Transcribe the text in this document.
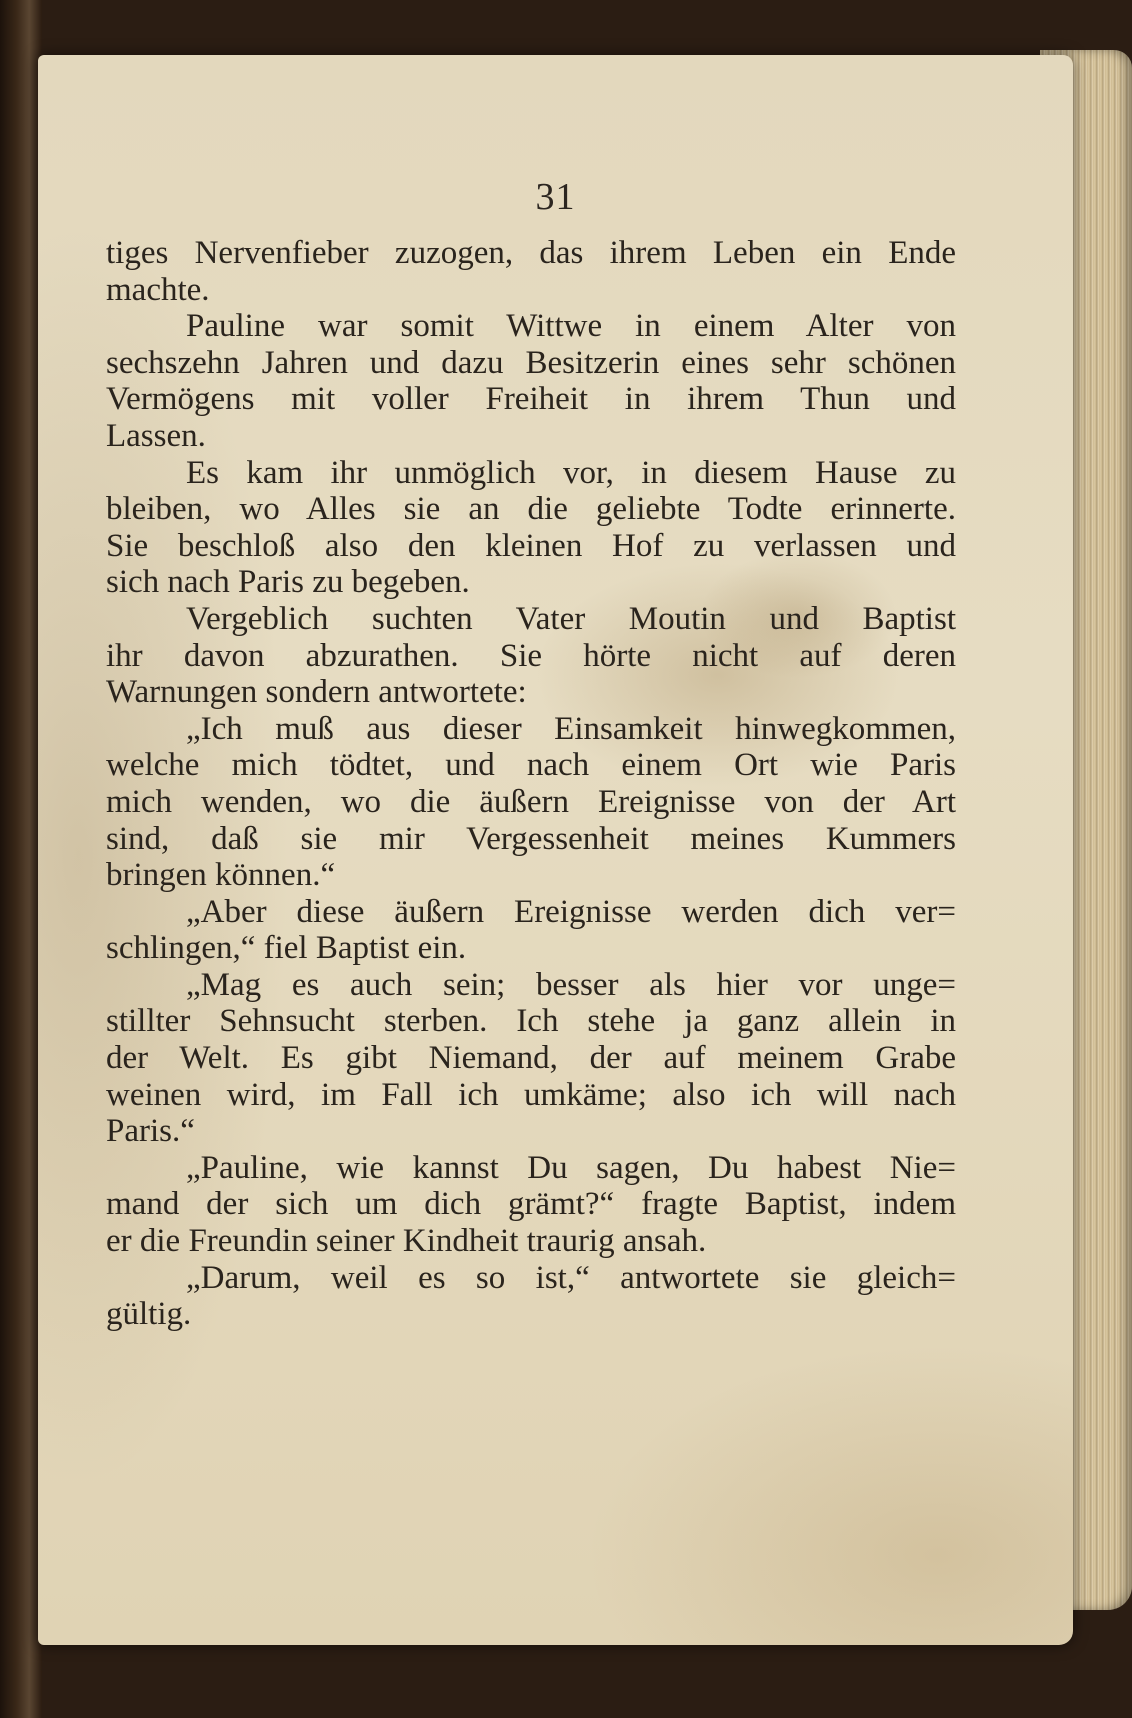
31
tiges Nervenfieber zuzogen, das ihrem Leben ein Ende
machte.
Pauline war somit Wittwe in einem Alter von
sechszehn Jahren und dazu Besitzerin eines sehr schönen
Vermögens mit voller Freiheit in ihrem Thun und
Lassen.
Es kam ihr unmöglich vor, in diesem Hause zu
bleiben, wo Alles sie an die geliebte Todte erinnerte.
Sie beschloß also den kleinen Hof zu verlassen und
sich nach Paris zu begeben.
Vergeblich suchten Vater Moutin und Baptist
ihr davon abzurathen. Sie hörte nicht auf deren
Warnungen sondern antwortete:
„Ich muß aus dieser Einsamkeit hinwegkommen,
welche mich tödtet, und nach einem Ort wie Paris
mich wenden, wo die äußern Ereignisse von der Art
sind, daß sie mir Vergessenheit meines Kummers
bringen können.“
„Aber diese äußern Ereignisse werden dich ver=
schlingen,“ fiel Baptist ein.
„Mag es auch sein; besser als hier vor unge=
stillter Sehnsucht sterben. Ich stehe ja ganz allein in
der Welt. Es gibt Niemand, der auf meinem Grabe
weinen wird, im Fall ich umkäme; also ich will nach
Paris.“
„Pauline, wie kannst Du sagen, Du habest Nie=
mand der sich um dich grämt?“ fragte Baptist, indem
er die Freundin seiner Kindheit traurig ansah.
„Darum, weil es so ist,“ antwortete sie gleich=
gültig.
